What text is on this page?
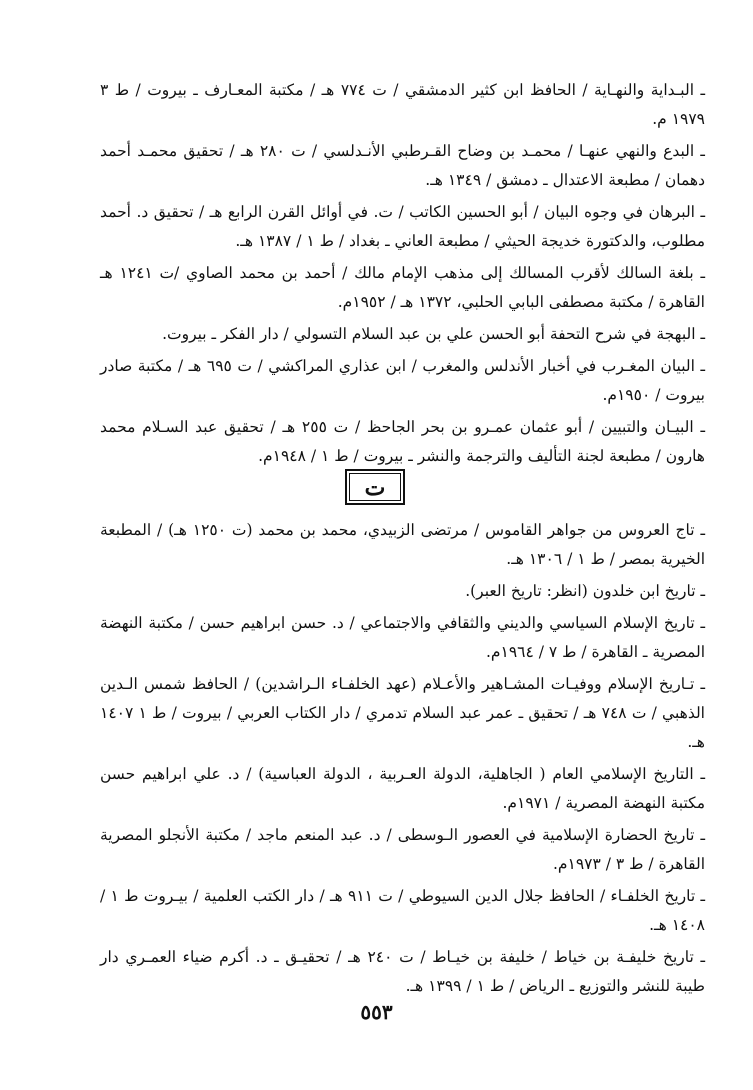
ـ البـداية والنهـاية / الحافظ ابن كثير الدمشقي / ت ٧٧٤ هـ / مكتبة المعـارف ـ بيروت / ط ٣ ١٩٧٩ م.

ـ البدع والنهي عنهـا / محمـد بن وضاح القـرطبي الأنـدلسي / ت ٢٨٠ هـ / تحقيق محمـد أحمد دهمان / مطبعة الاعتدال ـ دمشق / ١٣٤٩ هـ.

ـ البرهان في وجوه البيان / أبو الحسين الكاتب / ت. في أوائل القرن الرابع هـ / تحقيق د. أحمد مطلوب، والدكتورة خديجة الحيثي / مطبعة العاني ـ بغداد / ط ١ / ١٣٨٧ هـ.

ـ بلغة السالك لأقرب المسالك إلى مذهب الإمام مالك / أحمد بن محمد الصاوي /ت ١٢٤١ هـ القاهرة / مكتبة مصطفى البابي الحلبي، ١٣٧٢ هـ / ١٩٥٢م.

ـ البهجة في شرح التحفة أبو الحسن علي بن عبد السلام التسولي / دار الفكر ـ بيروت.

ـ البيان المغـرب في أخبار الأندلس والمغرب / ابن عذاري المراكشي / ت ٦٩٥ هـ / مكتبة صادر بيروت / ١٩٥٠م.

ـ البيـان والتبيين / أبو عثمان عمـرو بن بحر الجاحظ / ت ٢٥٥ هـ / تحقيق عبد السـلام محمد هارون / مطبعة لجنة التأليف والترجمة والنشر ـ بيروت / ط ١ / ١٩٤٨م.

ت

ـ تاج العروس من جواهر القاموس / مرتضى الزبيدي، محمد بن محمد (ت ١٢٥٠ هـ) / المطبعة الخيرية بمصر / ط ١ / ١٣٠٦ هـ.

ـ تاريخ ابن خلدون (انظر: تاريخ العبر).

ـ تاريخ الإسلام السياسي والديني والثقافي والاجتماعي / د. حسن ابراهيم حسن / مكتبة النهضة المصرية ـ القاهرة / ط ٧ / ١٩٦٤م.

ـ تـاريخ الإسلام ووفيـات المشـاهير والأعـلام (عهد الخلفـاء الـراشدين) / الحافظ شمس الـدين الذهبي / ت ٧٤٨ هـ / تحقيق ـ عمر عبد السلام تدمري / دار الكتاب العربي / بيروت / ط ١ ١٤٠٧ هـ.

ـ التاريخ الإسلامي العام ( الجاهلية، الدولة العـربية ، الدولة العباسية) / د. علي ابراهيم حسن مكتبة النهضة المصرية / ١٩٧١م.

ـ تاريخ الحضارة الإسلامية في العصور الـوسطى / د. عبد المنعم ماجد / مكتبة الأنجلو المصرية القاهرة / ط ٣ / ١٩٧٣م.

ـ تاريخ الخلفـاء / الحافظ جلال الدين السيوطي / ت ٩١١ هـ / دار الكتب العلمية / بيـروت ط ١ / ١٤٠٨ هـ.

ـ تاريخ خليفـة بن خياط / خليفة بن خيـاط / ت ٢٤٠ هـ / تحقيـق ـ د. أكرم ضياء العمـري دار طيبة للنشر والتوزيع ـ الرياض / ط ١ / ١٣٩٩ هـ.

٥٥٣
